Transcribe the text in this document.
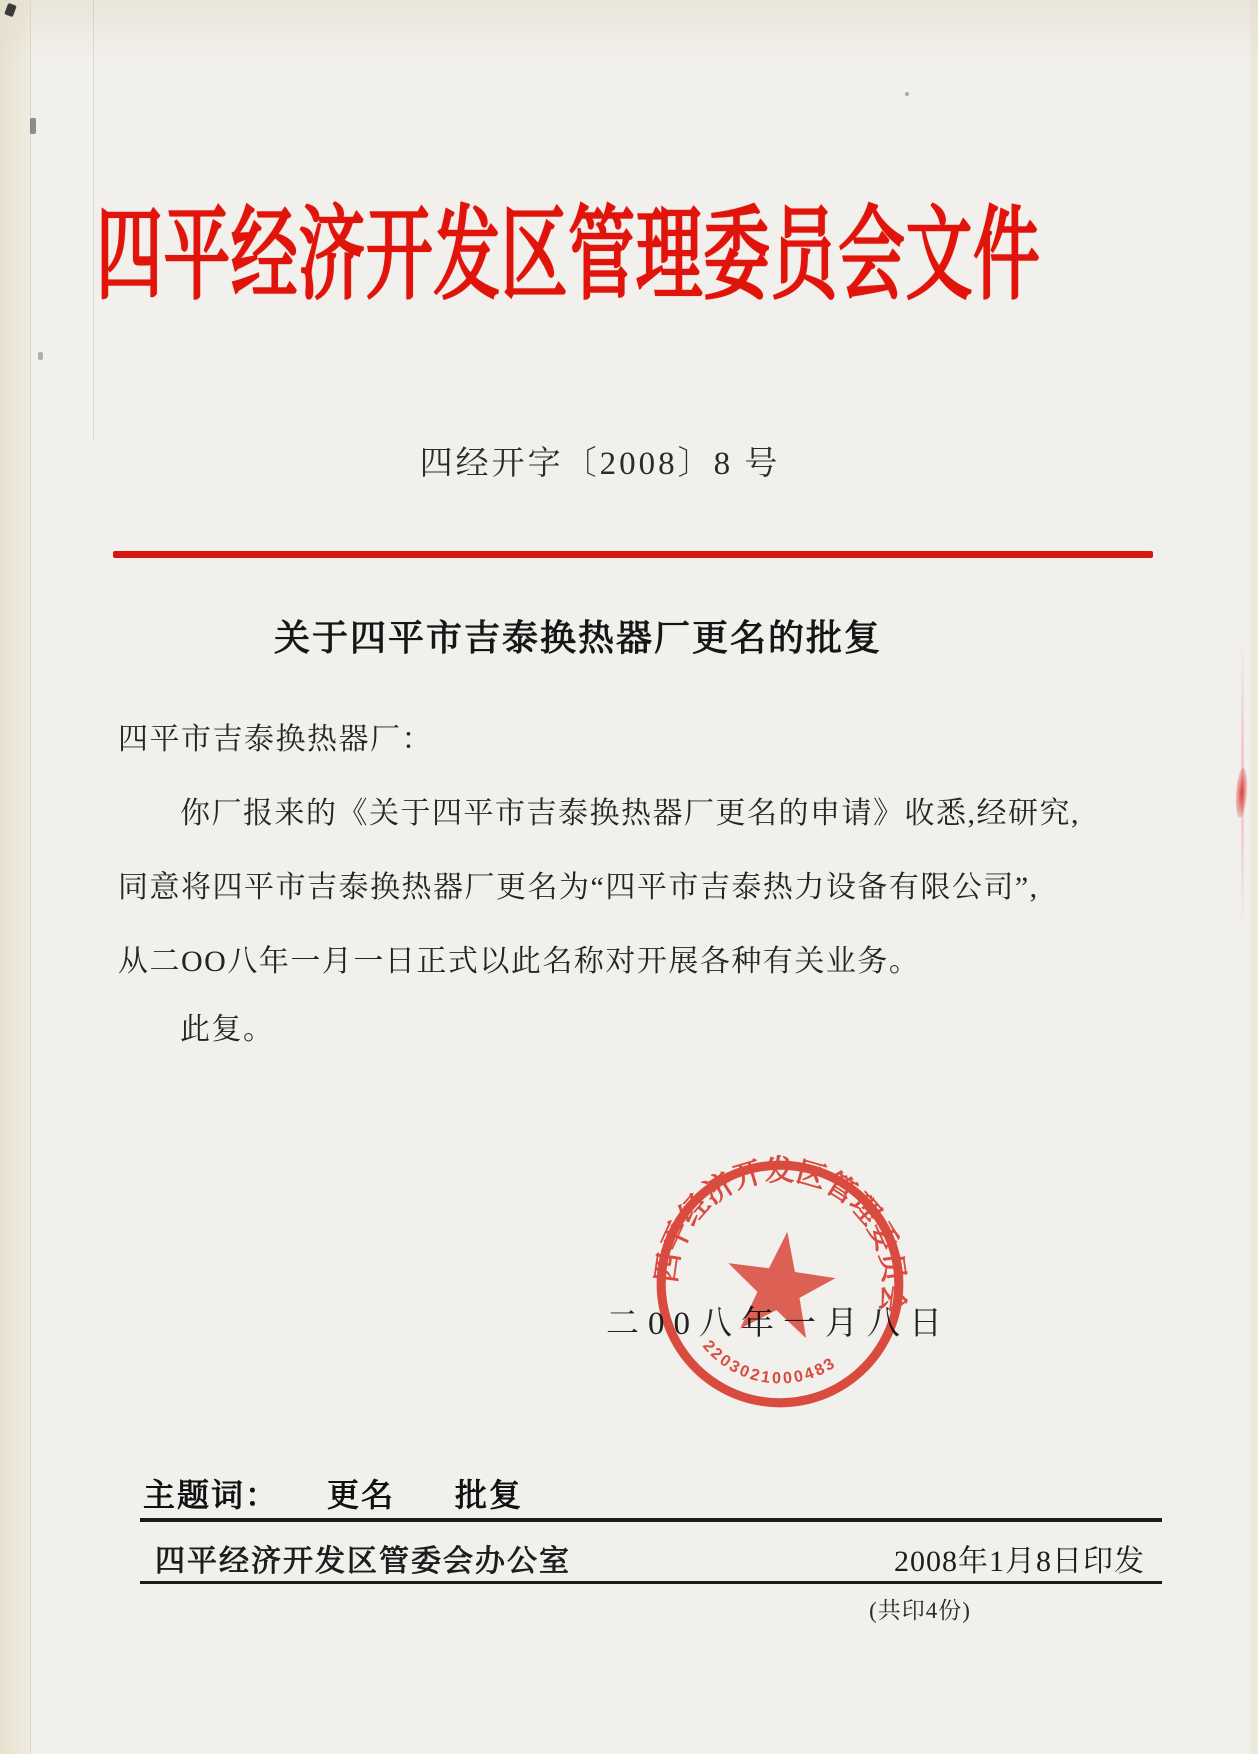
四平经济开发区管理委员会文件
四经开字〔2008〕8 号
关于四平市吉泰换热器厂更名的批复
四平市吉泰换热器厂：
你厂报来的《关于四平市吉泰换热器厂更名的申请》收悉,经研究,
同意将四平市吉泰换热器厂更名为“四平市吉泰热力设备有限公司”,
从二OO八年一月一日正式以此名称对开展各种有关业务。
此复。
二00八年一月八日
四平经济开发区管理委员会
2203021000483
主题词： 更名 批复
四平经济开发区管委会办公室	2008年1月8日印发
(共印4份)
